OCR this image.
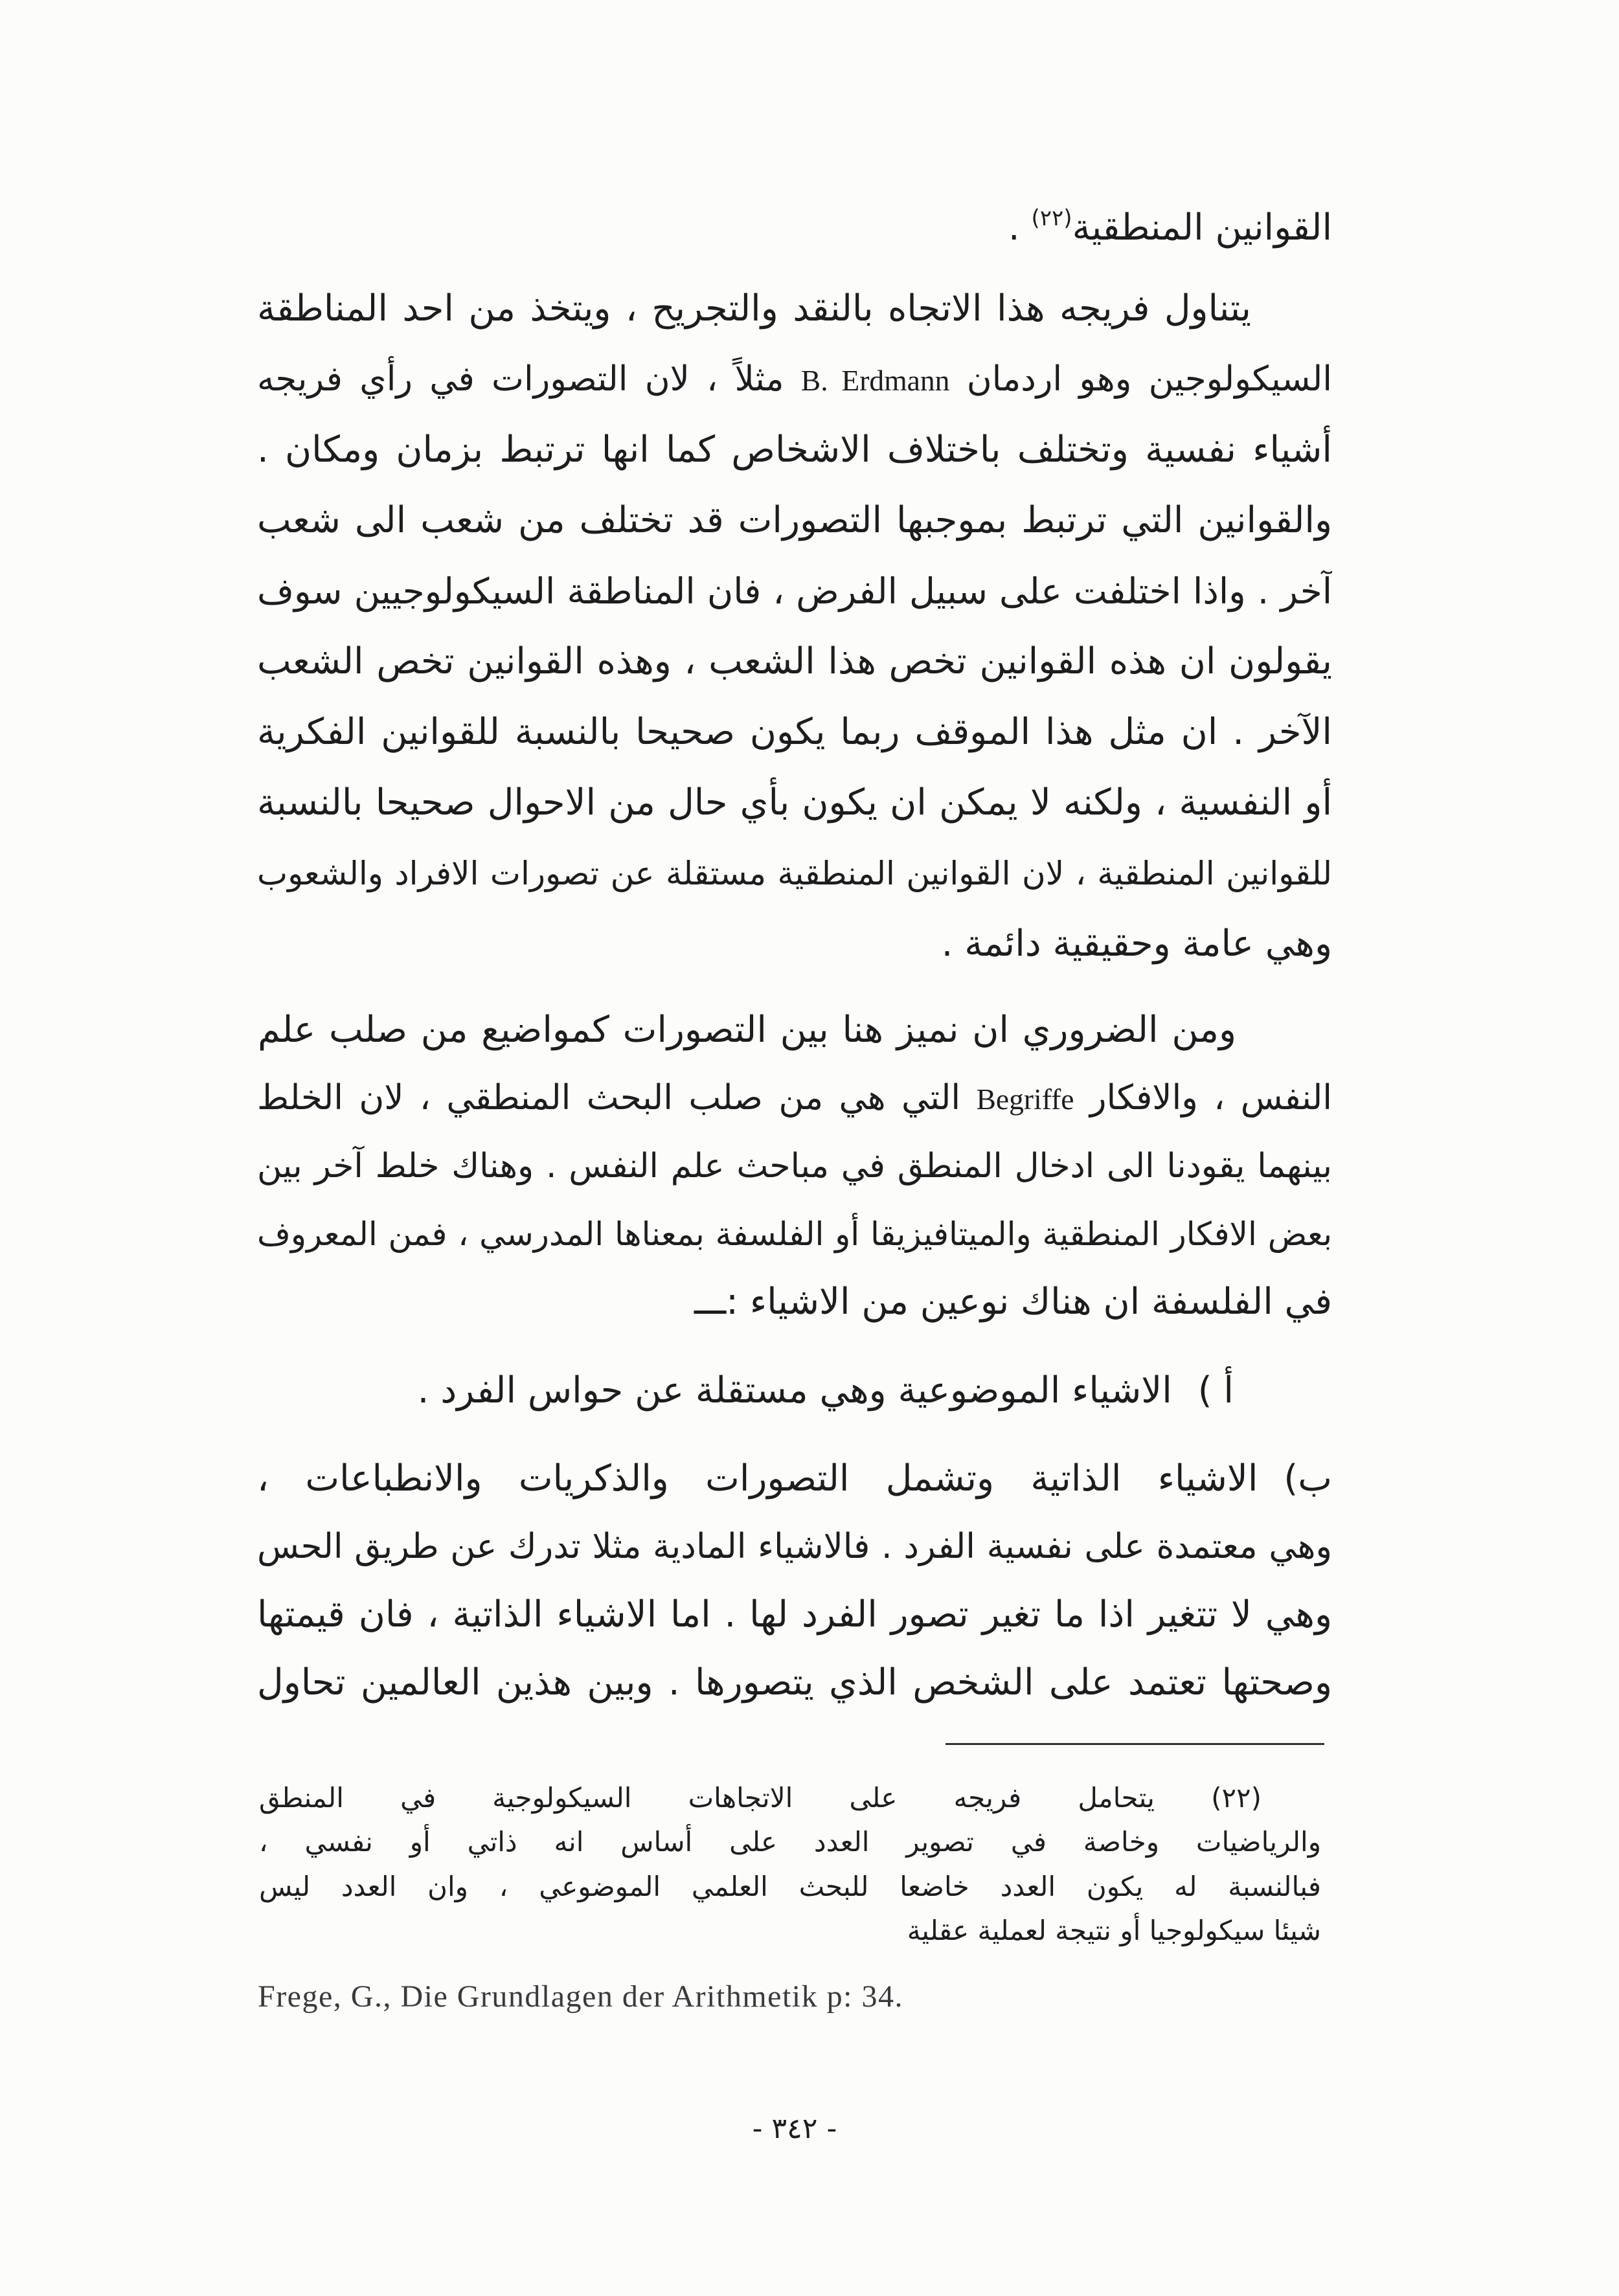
القوانين المنطقية$^{(٢٢)}$ .
يتناول فريجه هذا الاتجاه بالنقد والتجريح ، ويتخذ من احد المناطقة
السيكولوجين وهو اردمان B. Erdmann مثلاً ، لان التصورات في رأي فريجه
أشياء نفسية وتختلف باختلاف الاشخاص كما انها ترتبط بزمان ومكان .
والقوانين التي ترتبط بموجبها التصورات قد تختلف من شعب الى شعب
آخر . واذا اختلفت على سبيل الفرض ، فان المناطقة السيكولوجيين سوف
يقولون ان هذه القوانين تخص هذا الشعب ، وهذه القوانين تخص الشعب
الآخر . ان مثل هذا الموقف ربما يكون صحيحا بالنسبة للقوانين الفكرية
أو النفسية ، ولكنه لا يمكن ان يكون بأي حال من الاحوال صحيحا بالنسبة
للقوانين المنطقية ، لان القوانين المنطقية مستقلة عن تصورات الافراد والشعوب
وهي عامة وحقيقية دائمة .
ومن الضروري ان نميز هنا بين التصورات كمواضيع من صلب علم
النفس ، والافكار Begriffe التي هي من صلب البحث المنطقي ، لان الخلط
بينهما يقودنا الى ادخال المنطق في مباحث علم النفس . وهناك خلط آخر بين
بعض الافكار المنطقية والميتافيزيقا أو الفلسفة بمعناها المدرسي ، فمن المعروف
في الفلسفة ان هناك نوعين من الاشياء :ـــ
أ )الاشياء الموضوعية وهي مستقلة عن حواس الفرد .
ب)الاشياء الذاتية وتشمل التصورات والذكريات والانطباعات ،
وهي معتمدة على نفسية الفرد . فالاشياء المادية مثلا تدرك عن طريق الحس
وهي لا تتغير اذا ما تغير تصور الفرد لها . اما الاشياء الذاتية ، فان قيمتها
وصحتها تعتمد على الشخص الذي يتصورها . وبين هذين العالمين تحاول
(٢٢) يتحامل فريجه على الاتجاهات السيكولوجية في المنطق
والرياضيات وخاصة في تصوير العدد على أساس انه ذاتي أو نفسي ،
فبالنسبة له يكون العدد خاضعا للبحث العلمي الموضوعي ، وان العدد ليس
شيئا سيكولوجيا أو نتيجة لعملية عقلية
Frege, G., Die Grundlagen der Arithmetik p: 34.
- ٣٤٢ -
